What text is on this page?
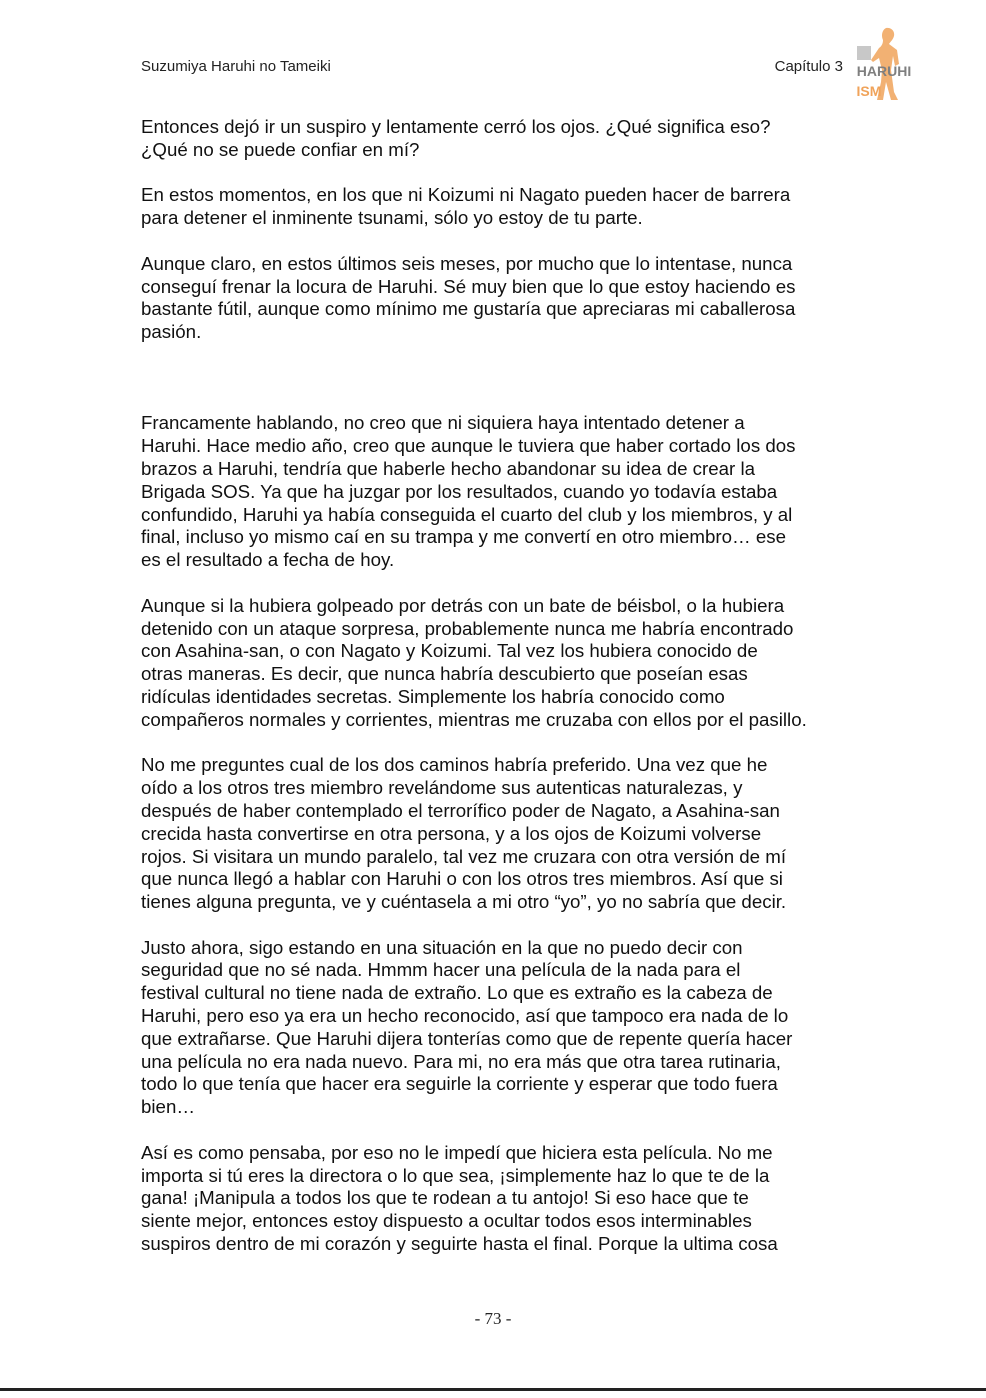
Suzumiya Haruhi no Tameiki	Capítulo 3 HARUHI
ISM

Entonces dejó ir un suspiro y lentamente cerró los ojos. ¿Qué significa eso?
¿Qué no se puede confiar en mí?

En estos momentos, en los que ni Koizumi ni Nagato pueden hacer de barrera
para detener el inminente tsunami, sólo yo estoy de tu parte.

Aunque claro, en estos últimos seis meses, por mucho que lo intentase, nunca
conseguí frenar la locura de Haruhi. Sé muy bien que lo que estoy haciendo es
bastante fútil, aunque como mínimo me gustaría que apreciaras mi caballerosa
pasión.

Francamente hablando, no creo que ni siquiera haya intentado detener a
Haruhi. Hace medio año, creo que aunque le tuviera que haber cortado los dos
brazos a Haruhi, tendría que haberle hecho abandonar su idea de crear la
Brigada SOS. Ya que ha juzgar por los resultados, cuando yo todavía estaba
confundido, Haruhi ya había conseguida el cuarto del club y los miembros, y al
final, incluso yo mismo caí en su trampa y me convertí en otro miembro… ese
es el resultado a fecha de hoy.

Aunque si la hubiera golpeado por detrás con un bate de béisbol, o la hubiera
detenido con un ataque sorpresa, probablemente nunca me habría encontrado
con Asahina-san, o con Nagato y Koizumi. Tal vez los hubiera conocido de
otras maneras. Es decir, que nunca habría descubierto que poseían esas
ridículas identidades secretas. Simplemente los habría conocido como
compañeros normales y corrientes, mientras me cruzaba con ellos por el pasillo.

No me preguntes cual de los dos caminos habría preferido. Una vez que he
oído a los otros tres miembro revelándome sus autenticas naturalezas, y
después de haber contemplado el terrorífico poder de Nagato, a Asahina-san
crecida hasta convertirse en otra persona, y a los ojos de Koizumi volverse
rojos. Si visitara un mundo paralelo, tal vez me cruzara con otra versión de mí
que nunca llegó a hablar con Haruhi o con los otros tres miembros. Así que si
tienes alguna pregunta, ve y cuéntasela a mi otro “yo”, yo no sabría que decir.

Justo ahora, sigo estando en una situación en la que no puedo decir con
seguridad que no sé nada. Hmmm hacer una película de la nada para el
festival cultural no tiene nada de extraño. Lo que es extraño es la cabeza de
Haruhi, pero eso ya era un hecho reconocido, así que tampoco era nada de lo
que extrañarse. Que Haruhi dijera tonterías como que de repente quería hacer
una película no era nada nuevo. Para mi, no era más que otra tarea rutinaria,
todo lo que tenía que hacer era seguirle la corriente y esperar que todo fuera
bien…

Así es como pensaba, por eso no le impedí que hiciera esta película. No me
importa si tú eres la directora o lo que sea, ¡simplemente haz lo que te de la
gana! ¡Manipula a todos los que te rodean a tu antojo! Si eso hace que te
siente mejor, entonces estoy dispuesto a ocultar todos esos interminables
suspiros dentro de mi corazón y seguirte hasta el final. Porque la ultima cosa

- 73 -
